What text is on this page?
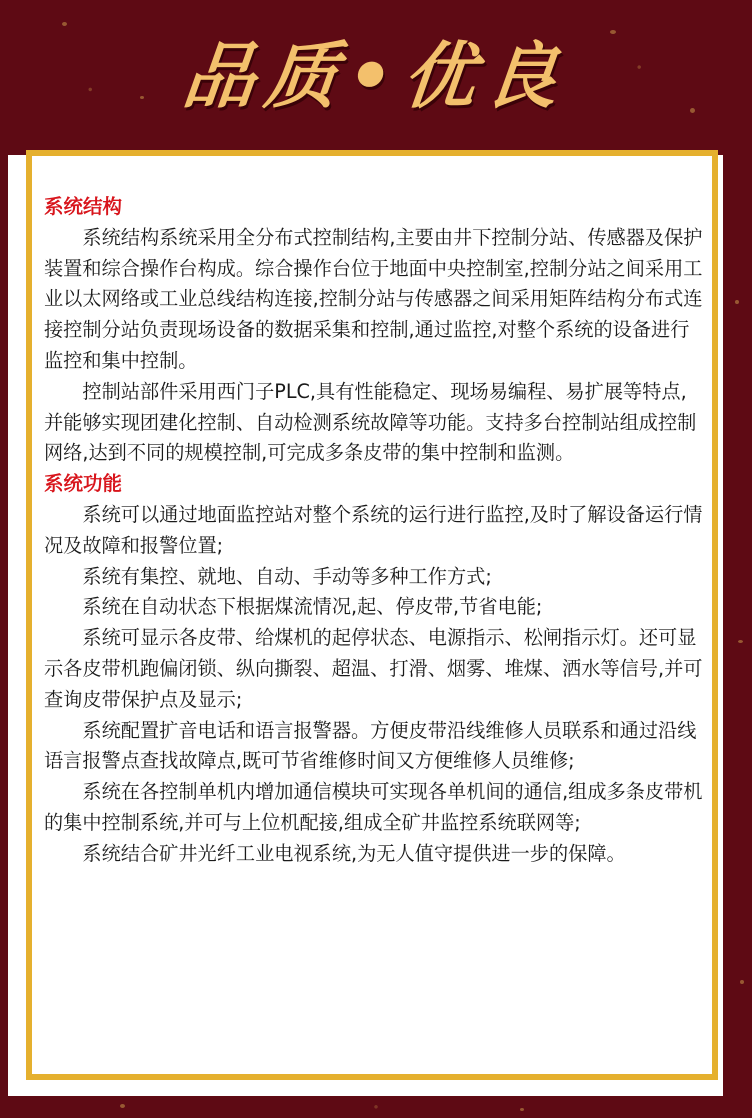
品质•优良
系统结构

系统结构系统采用全分布式控制结构,主要由井下控制分站、传感器及保护装置和综合操作台构成。综合操作台位于地面中央控制室,控制分站之间采用工业以太网络或工业总线结构连接,控制分站与传感器之间采用矩阵结构分布式连接控制分站负责现场设备的数据采集和控制,通过监控,对整个系统的设备进行监控和集中控制。

控制站部件采用西门子PLC,具有性能稳定、现场易编程、易扩展等特点,并能够实现团建化控制、自动检测系统故障等功能。支持多台控制站组成控制网络,达到不同的规模控制,可完成多条皮带的集中控制和监测。

系统功能

系统可以通过地面监控站对整个系统的运行进行监控,及时了解设备运行情况及故障和报警位置;

系统有集控、就地、自动、手动等多种工作方式;

系统在自动状态下根据煤流情况,起、停皮带,节省电能;

系统可显示各皮带、给煤机的起停状态、电源指示、松闸指示灯。还可显示各皮带机跑偏闭锁、纵向撕裂、超温、打滑、烟雾、堆煤、洒水等信号,并可查询皮带保护点及显示;

系统配置扩音电话和语言报警器。方便皮带沿线维修人员联系和通过沿线语言报警点查找故障点,既可节省维修时间又方便维修人员维修;

系统在各控制单机内增加通信模块可实现各单机间的通信,组成多条皮带机的集中控制系统,并可与上位机配接,组成全矿井监控系统联网等;

系统结合矿井光纤工业电视系统,为无人值守提供进一步的保障。
